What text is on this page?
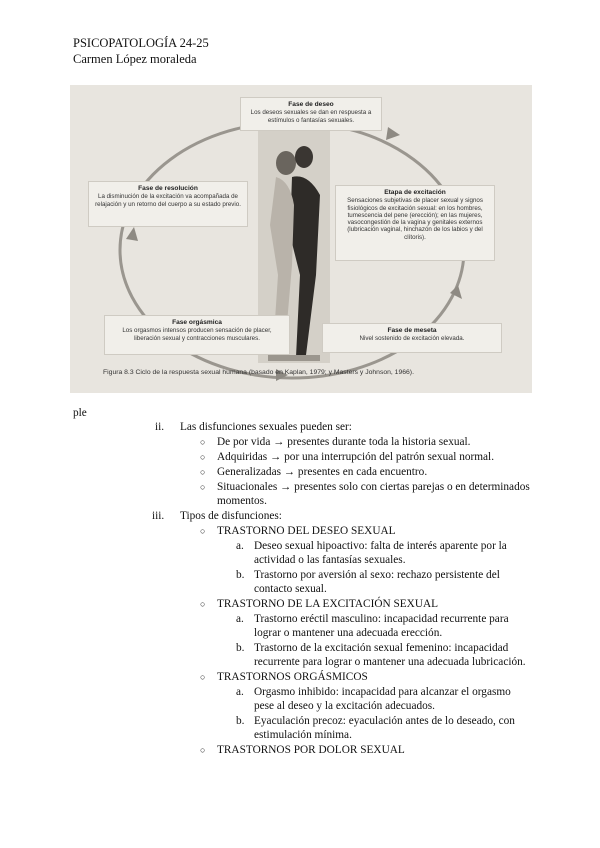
PSICOPATOLOGÍA 24-25
Carmen López moraleda
Fase de deseo
Los deseos sexuales se dan en respuesta a estímulos o fantasías sexuales.
Etapa de excitación
Sensaciones subjetivas de placer sexual y signos fisiológicos de excitación sexual: en los hombres, tumescencia del pene (erección); en las mujeres, vasocongestión de la vagina y genitales externos (lubricación vaginal, hinchazón de los labios y del clítoris).
Fase de resolución
La disminución de la excitación va acompañada de relajación y un retorno del cuerpo a su estado previo.
Fase de meseta
Nivel sostenido de excitación elevada.
Fase orgásmica
Los orgasmos intensos producen sensación de placer, liberación sexual y contracciones musculares.
Figura 8.3 Ciclo de la respuesta sexual humana (basado en Kaplan, 1979; y Masters y Johnson, 1966).
ple
ii. Las disfunciones sexuales pueden ser:
○ De por vida → presentes durante toda la historia sexual.
○ Adquiridas → por una interrupción del patrón sexual normal.
○ Generalizadas → presentes en cada encuentro.
○ Situacionales → presentes solo con ciertas parejas o en determinados
momentos.
iii. Tipos de disfunciones:
○ TRASTORNO DEL DESEO SEXUAL
a. Deseo sexual hipoactivo: falta de interés aparente por la
actividad o las fantasías sexuales.
b. Trastorno por aversión al sexo: rechazo persistente del
contacto sexual.
○ TRASTORNO DE LA EXCITACIÓN SEXUAL
a. Trastorno eréctil masculino: incapacidad recurrente para
lograr o mantener una adecuada erección.
b. Trastorno de la excitación sexual femenino: incapacidad
recurrente para lograr o mantener una adecuada lubricación.
○ TRASTORNOS ORGÁSMICOS
a. Orgasmo inhibido: incapacidad para alcanzar el orgasmo
pese al deseo y la excitación adecuados.
b. Eyaculación precoz: eyaculación antes de lo deseado, con
estimulación mínima.
○ TRASTORNOS POR DOLOR SEXUAL
